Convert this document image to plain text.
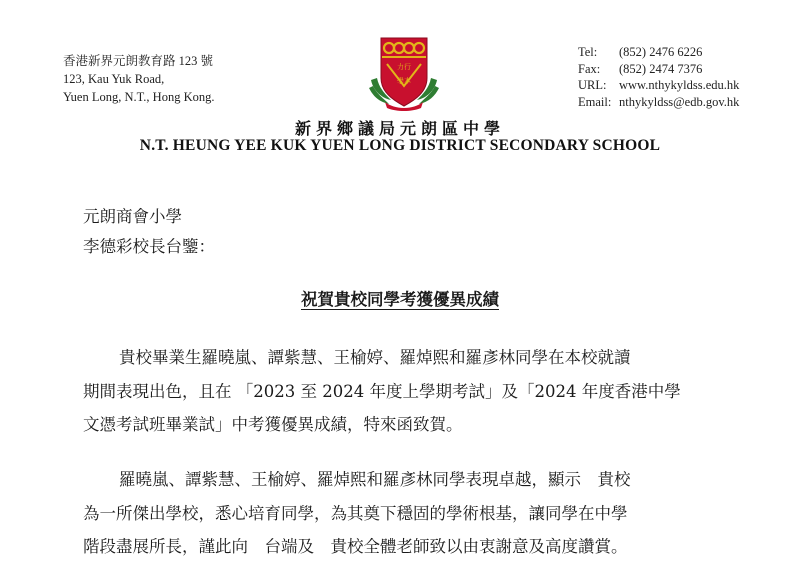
香港新界元朗教育路 123 號
123, Kau Yuk Road,
Yuen Long, N.T., Hong Kong.
力行
學本
Tel:	(852) 2476 6226
Fax:	(852) 2474 7376
URL:	www.nthykyldss.edu.hk
Email: nthykyldss@edb.gov.hk
新界鄉議局元朗區中學
N.T. HEUNG YEE KUK YUEN LONG DISTRICT SECONDARY SCHOOL
元朗商會小學
李德彩校長台鑒：
祝賀貴校同學考獲優異成績
貴校畢業生羅曉嵐、譚紫慧、王榆婷、羅焯熙和羅彥林同學在本校就讀
期間表現出色，且在 「2023 至 2024 年度上學期考試」及「2024 年度香港中學
文憑考試班畢業試」中考獲優異成績，特來函致賀。
羅曉嵐、譚紫慧、王榆婷、羅焯熙和羅彥林同學表現卓越，顯示　貴校
為一所傑出學校，悉心培育同學，為其奠下穩固的學術根基，讓同學在中學
階段盡展所長，謹此向　台端及　貴校全體老師致以由衷謝意及高度讚賞。
